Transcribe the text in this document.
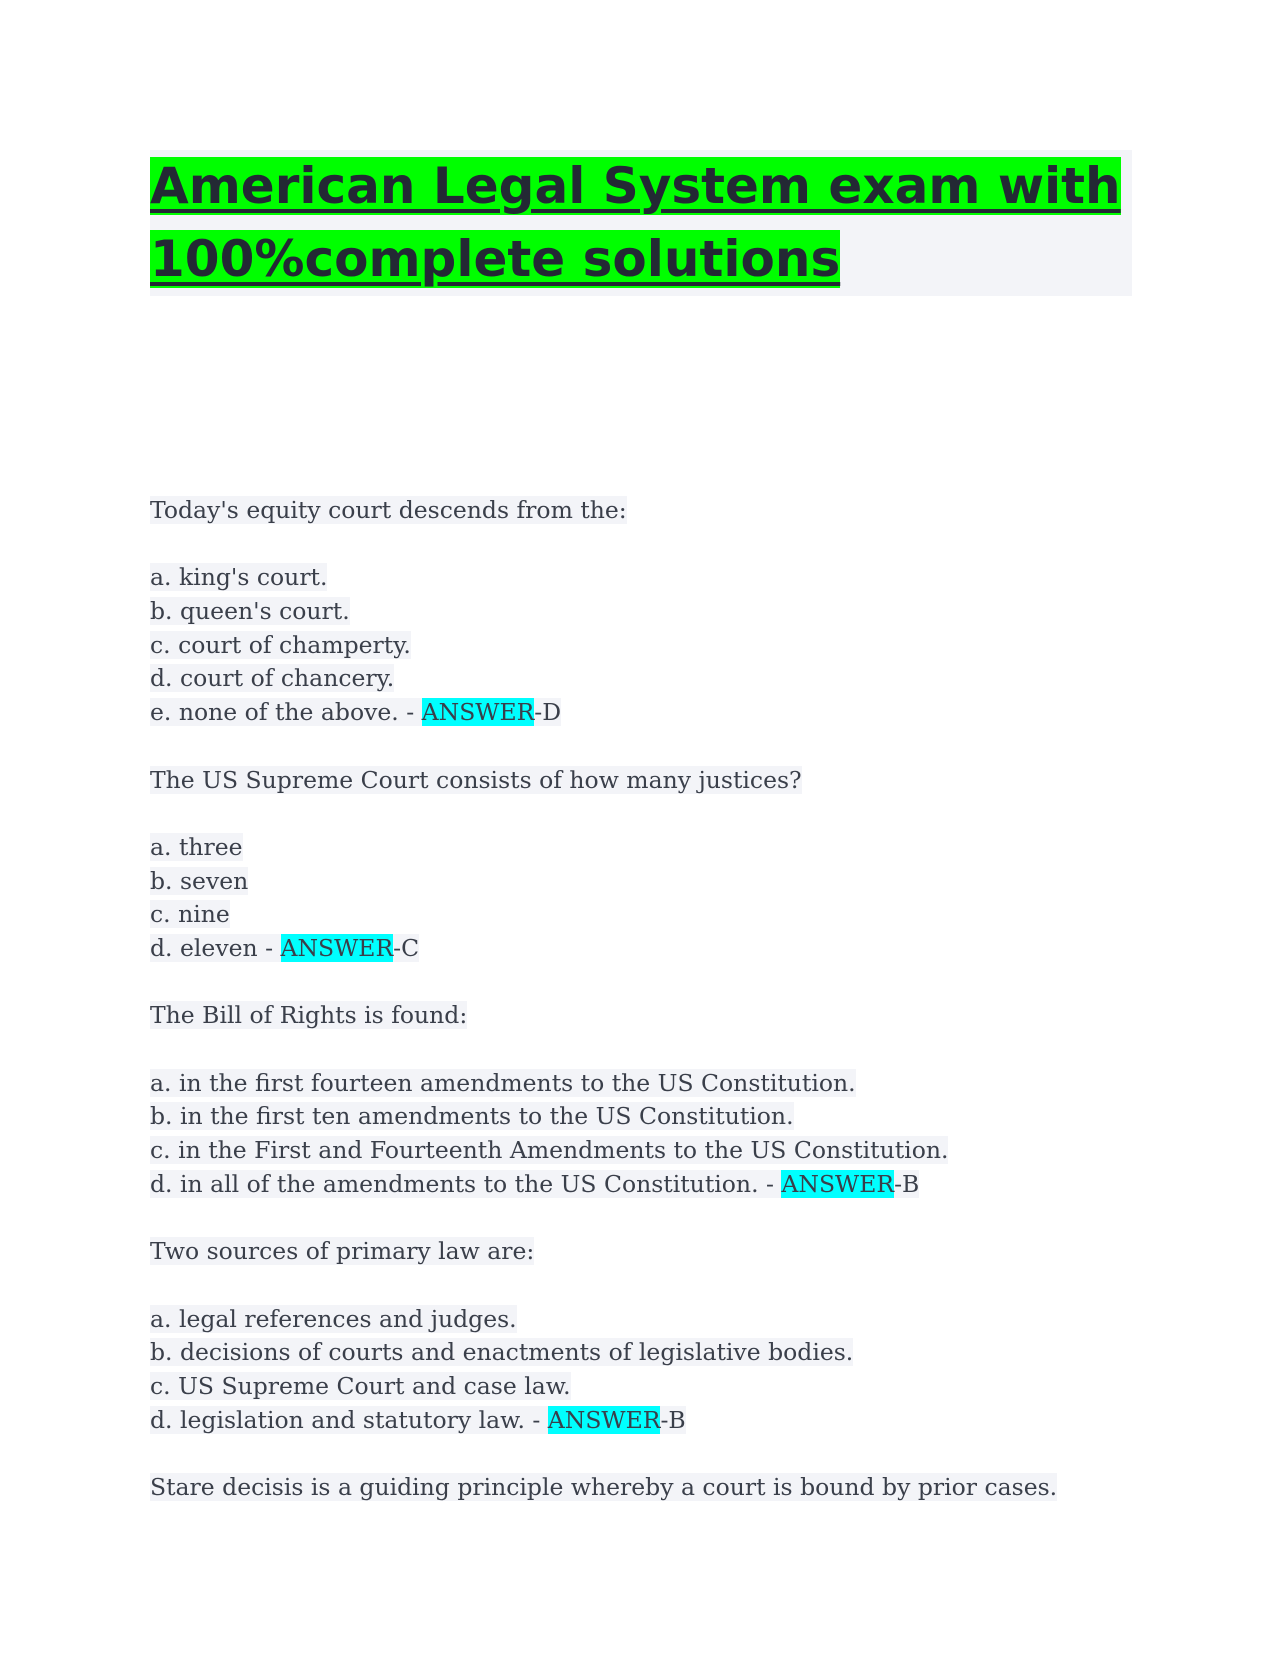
American Legal System exam with
100%complete solutions
Today's equity court descends from the:
a. king's court.
b. queen's court.
c. court of champerty.
d. court of chancery.
e. none of the above. - ANSWER-D
The US Supreme Court consists of how many justices?
a. three
b. seven
c. nine
d. eleven - ANSWER-C
The Bill of Rights is found:
a. in the first fourteen amendments to the US Constitution.
b. in the first ten amendments to the US Constitution.
c. in the First and Fourteenth Amendments to the US Constitution.
d. in all of the amendments to the US Constitution. - ANSWER-B
Two sources of primary law are:
a. legal references and judges.
b. decisions of courts and enactments of legislative bodies.
c. US Supreme Court and case law.
d. legislation and statutory law. - ANSWER-B
Stare decisis is a guiding principle whereby a court is bound by prior cases.
